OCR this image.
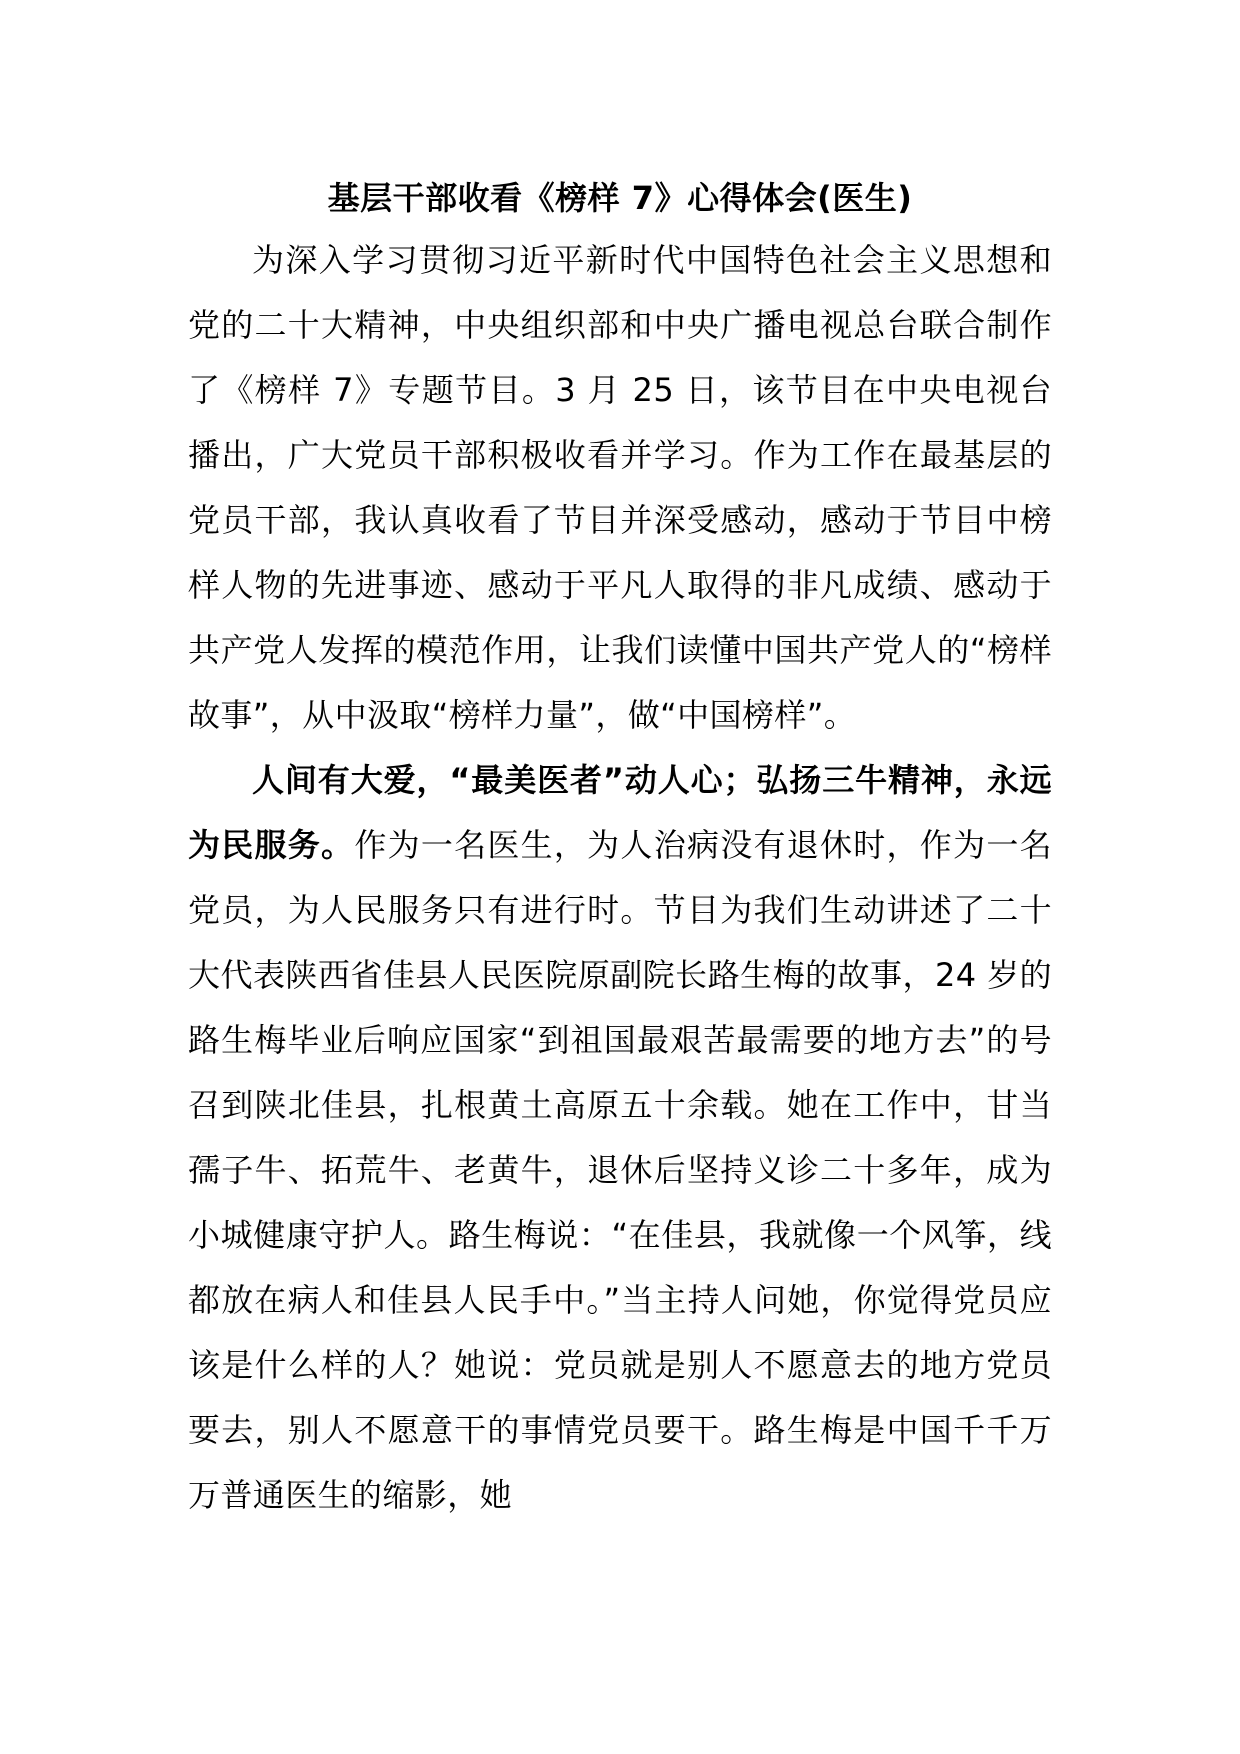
基层干部收看《榜样 7》心得体会(医生)

为深入学习贯彻习近平新时代中国特色社会主义思想和党的二十大精神，中央组织部和中央广播电视总台联合制作了《榜样 7》专题节目。3 月 25 日，该节目在中央电视台播出，广大党员干部积极收看并学习。作为工作在最基层的党员干部，我认真收看了节目并深受感动，感动于节目中榜样人物的先进事迹、感动于平凡人取得的非凡成绩、感动于共产党人发挥的模范作用，让我们读懂中国共产党人的“榜样故事”，从中汲取“榜样力量”，做“中国榜样”。

人间有大爱，“最美医者”动人心；弘扬三牛精神，永远为民服务。作为一名医生，为人治病没有退休时，作为一名党员，为人民服务只有进行时。节目为我们生动讲述了二十大代表陕西省佳县人民医院原副院长路生梅的故事，24 岁的路生梅毕业后响应国家“到祖国最艰苦最需要的地方去”的号召到陕北佳县，扎根黄土高原五十余载。她在工作中，甘当孺子牛、拓荒牛、老黄牛，退休后坚持义诊二十多年，成为小城健康守护人。路生梅说：“在佳县，我就像一个风筝，线都放在病人和佳县人民手中。”当主持人问她，你觉得党员应该是什么样的人？她说：党员就是别人不愿意去的地方党员要去，别人不愿意干的事情党员要干。路生梅是中国千千万万普通医生的缩影，她
